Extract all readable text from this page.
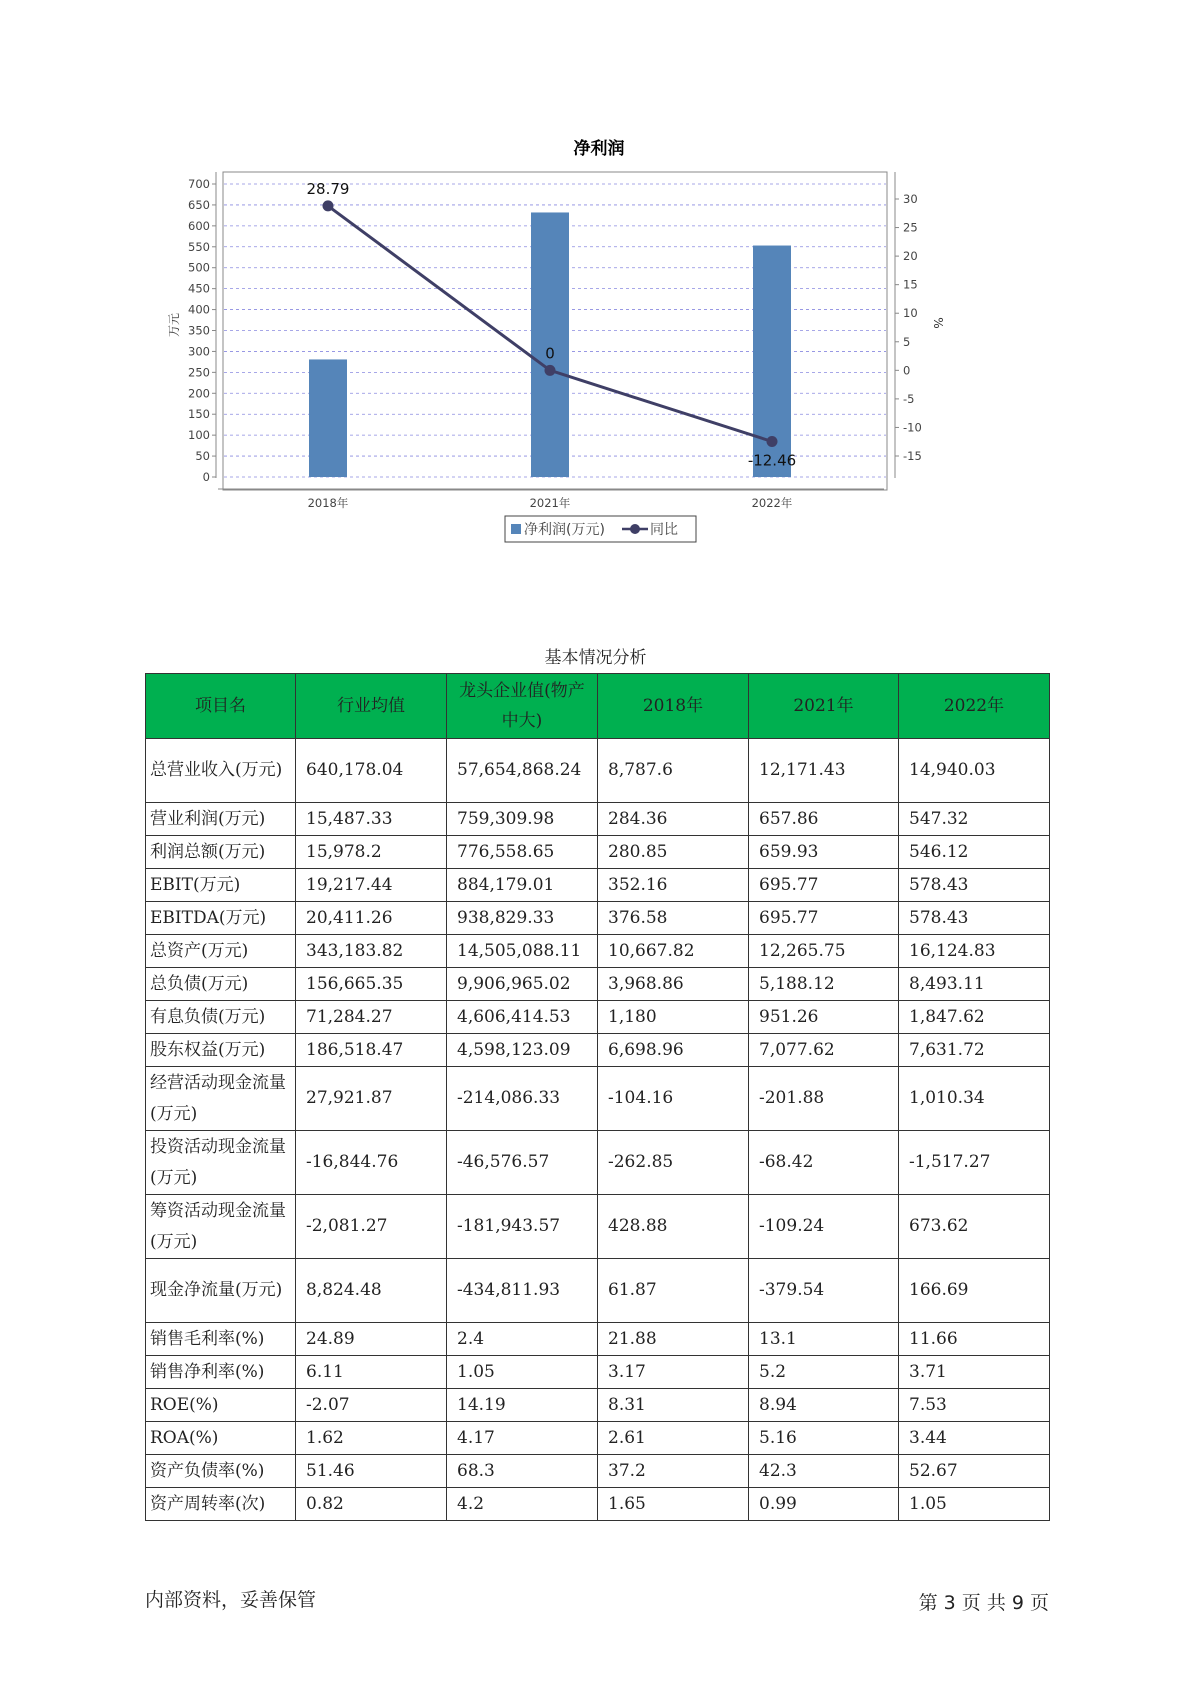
净利润
0
50
100
150
200
250
300
350
400
450
500
550
600
650
700
-15
-10
-5
0
5
10
15
20
25
30
2018年	2021年	2022年
万元	%
28.79
0
-12.46
净利润(万元)	同比
基本情况分析
项目名	行业均值	龙头企业值(物产中大)	2018年	2021年	2022年
总营业收入(万元)	640,178.04	57,654,868.24	8,787.6	12,171.43	14,940.03
营业利润(万元)	15,487.33	759,309.98	284.36	657.86	547.32
利润总额(万元)	15,978.2	776,558.65	280.85	659.93	546.12
EBIT(万元)	19,217.44	884,179.01	352.16	695.77	578.43
EBITDA(万元)	20,411.26	938,829.33	376.58	695.77	578.43
总资产(万元)	343,183.82	14,505,088.11	10,667.82	12,265.75	16,124.83
总负债(万元)	156,665.35	9,906,965.02	3,968.86	5,188.12	8,493.11
有息负债(万元)	71,284.27	4,606,414.53	1,180	951.26	1,847.62
股东权益(万元)	186,518.47	4,598,123.09	6,698.96	7,077.62	7,631.72
经营活动现金流量(万元)	27,921.87	-214,086.33	-104.16	-201.88	1,010.34
投资活动现金流量(万元)	-16,844.76	-46,576.57	-262.85	-68.42	-1,517.27
筹资活动现金流量(万元)	-2,081.27	-181,943.57	428.88	-109.24	673.62
现金净流量(万元)	8,824.48	-434,811.93	61.87	-379.54	166.69
销售毛利率(%)	24.89	2.4	21.88	13.1	11.66
销售净利率(%)	6.11	1.05	3.17	5.2	3.71
ROE(%)	-2.07	14.19	8.31	8.94	7.53
ROA(%)	1.62	4.17	2.61	5.16	3.44
资产负债率(%)	51.46	68.3	37.2	42.3	52.67
资产周转率(次)	0.82	4.2	1.65	0.99	1.05
内部资料，妥善保管	第 3 页 共 9 页
